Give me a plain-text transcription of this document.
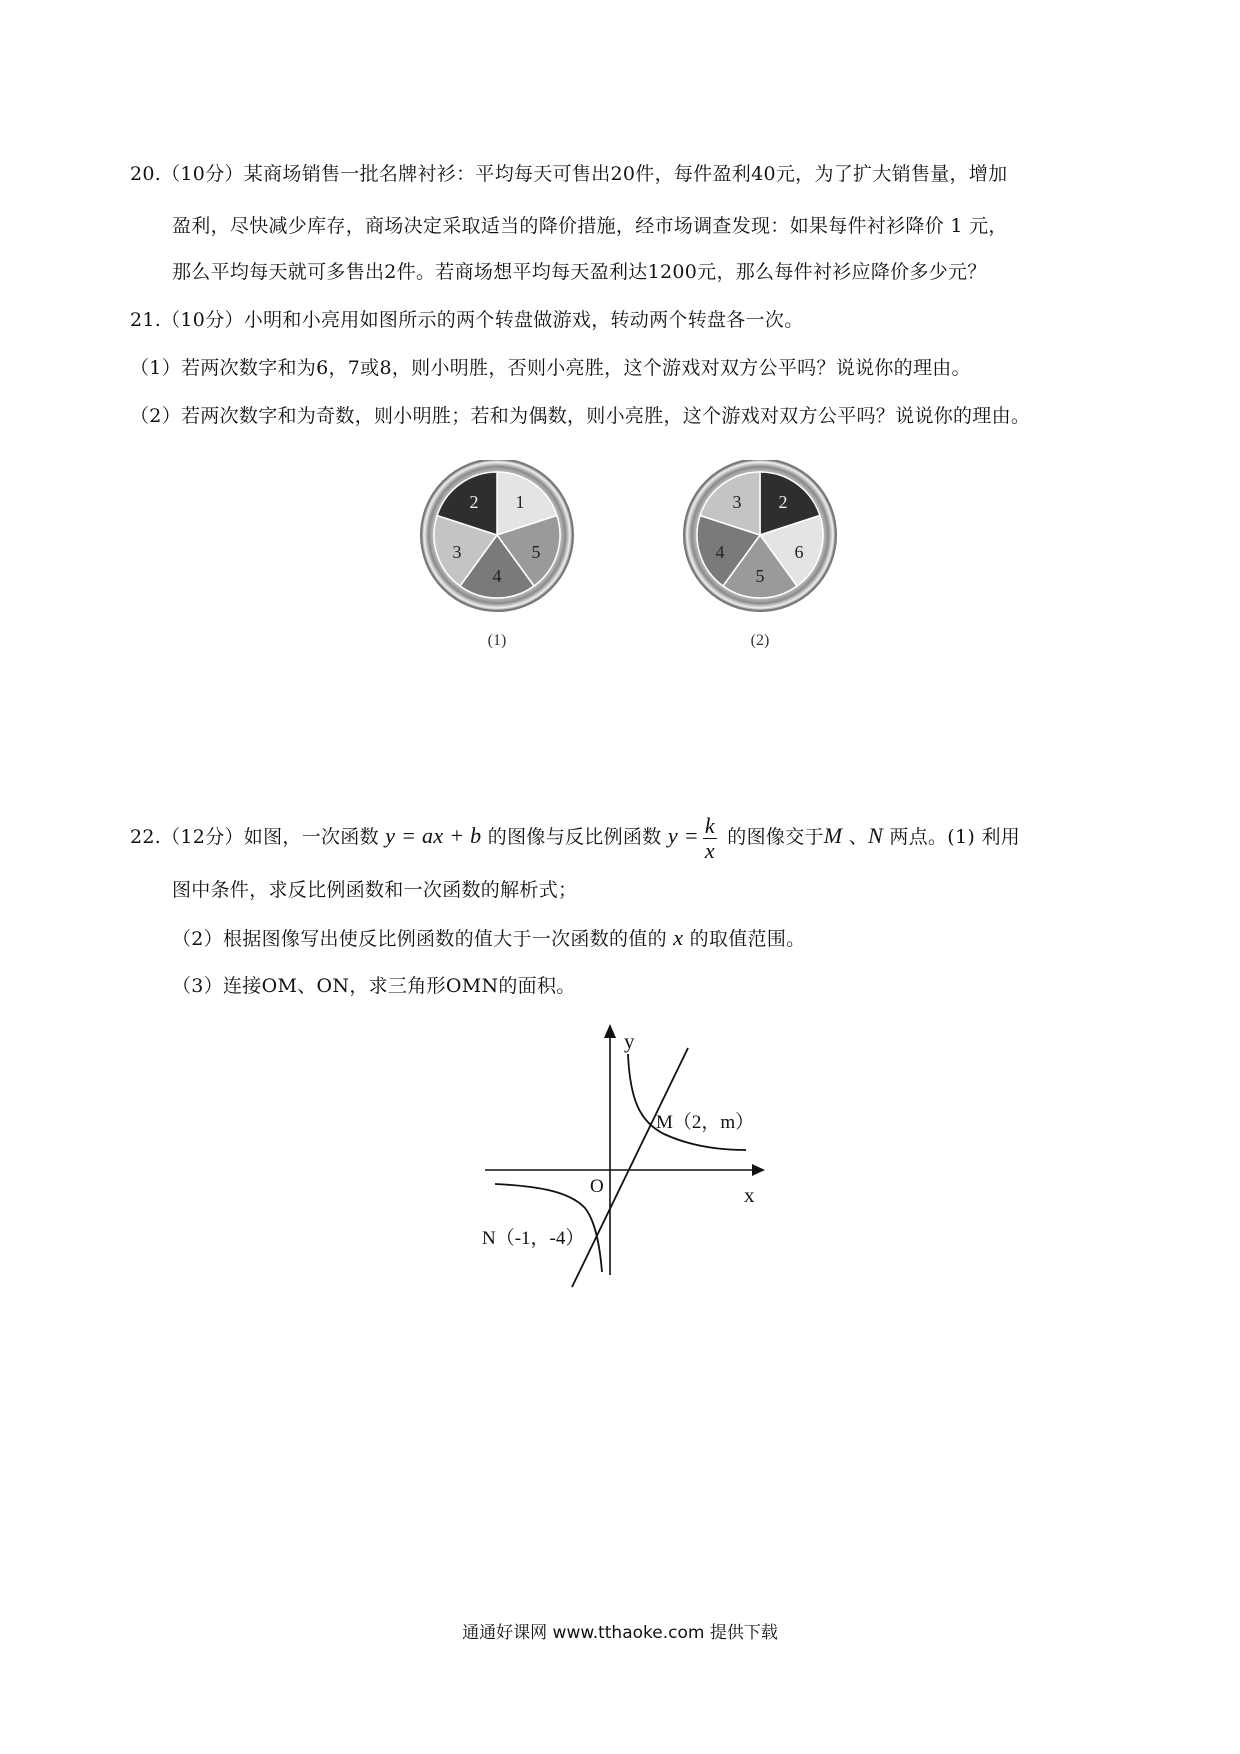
20.（10分）某商场销售一批名牌衬衫：平均每天可售出20件，每件盈利40元，为了扩大销售量，增加
盈利，尽快减少库存，商场决定采取适当的降价措施，经市场调查发现：如果每件衬衫降价 1 元，
那么平均每天就可多售出2件。若商场想平均每天盈利达1200元，那么每件衬衫应降价多少元？
21.（10分）小明和小亮用如图所示的两个转盘做游戏，转动两个转盘各一次。
（1）若两次数字和为6，7或8，则小明胜，否则小亮胜，这个游戏对双方公平吗？说说你的理由。
（2）若两次数字和为奇数，则小明胜；若和为偶数，则小亮胜，这个游戏对双方公平吗？说说你的理由。
1
5
4
3
2
(1)
2
6
5
4
3
(2)
22.（12分）如图，一次函数 y = ax + b 的图像与反比例函数 $y = \frac{k}{x}$ 的图像交于M 、N 两点。(1) 利用
图中条件，求反比例函数和一次函数的解析式；
（2）根据图像写出使反比例函数的值大于一次函数的值的 x 的取值范围。
（3）连接OM、ON，求三角形OMN的面积。
y
x
O
M（2，m）
N（-1，-4）
通通好课网 www.tthaoke.com 提供下载
